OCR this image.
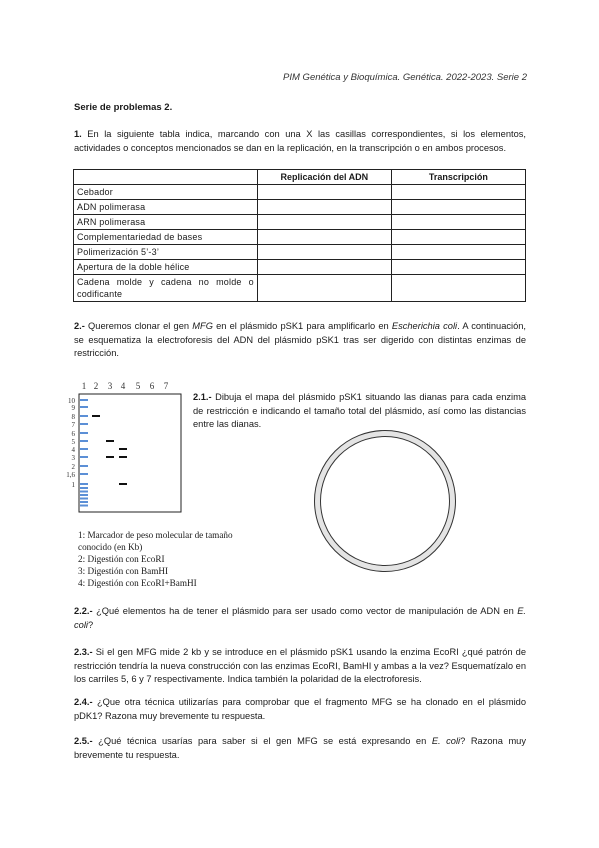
PIM Genética y Bioquímica. Genética. 2022-2023. Serie 2
Serie de problemas 2.
1. En la siguiente tabla indica, marcando con una X las casillas correspondientes, si los elementos, actividades o conceptos mencionados se dan en la replicación, en la transcripción o en ambos procesos.
	Replicación del ADN	Transcripción
Cebador		
ADN polimerasa		
ARN polimerasa		
Complementariedad de bases		
Polimerización 5’-3’		
Apertura de la doble hélice		
Cadena molde y cadena no molde o codificante		
2.- Queremos clonar el gen MFG en el plásmido pSK1 para amplificarlo en Escherichia coli. A continuación, se esquematiza la electroforesis del ADN del plásmido pSK1 tras ser digerido con distintas enzimas de restricción.
1 2 3 4 5 6 7
10
9
8
7
6
5
4
3
2
1,6
1
2.1.- Dibuja el mapa del plásmido pSK1 situando las dianas para cada enzima de restricción e indicando el tamaño total del plásmido, así como las distancias entre las dianas.
1: Marcador de peso molecular de tamaño conocido (en Kb)
2: Digestión con EcoRI
3: Digestión con BamHI
4: Digestión con EcoRI+BamHI
2.2.- ¿Qué elementos ha de tener el plásmido para ser usado como vector de manipulación de ADN en E. coli?
2.3.- Si el gen MFG mide 2 kb y se introduce en el plásmido pSK1 usando la enzima EcoRI ¿qué patrón de restricción tendría la nueva construcción con las enzimas EcoRI, BamHI y ambas a la vez? Esquematízalo en los carriles 5, 6 y 7 respectivamente. Indica también la polaridad de la electroforesis.
2.4.- ¿Que otra técnica utilizarías para comprobar que el fragmento MFG se ha clonado en el plásmido pDK1? Razona muy brevemente tu respuesta.
2.5.- ¿Qué técnica usarías para saber si el gen MFG se está expresando en E. coli? Razona muy brevemente tu respuesta.
